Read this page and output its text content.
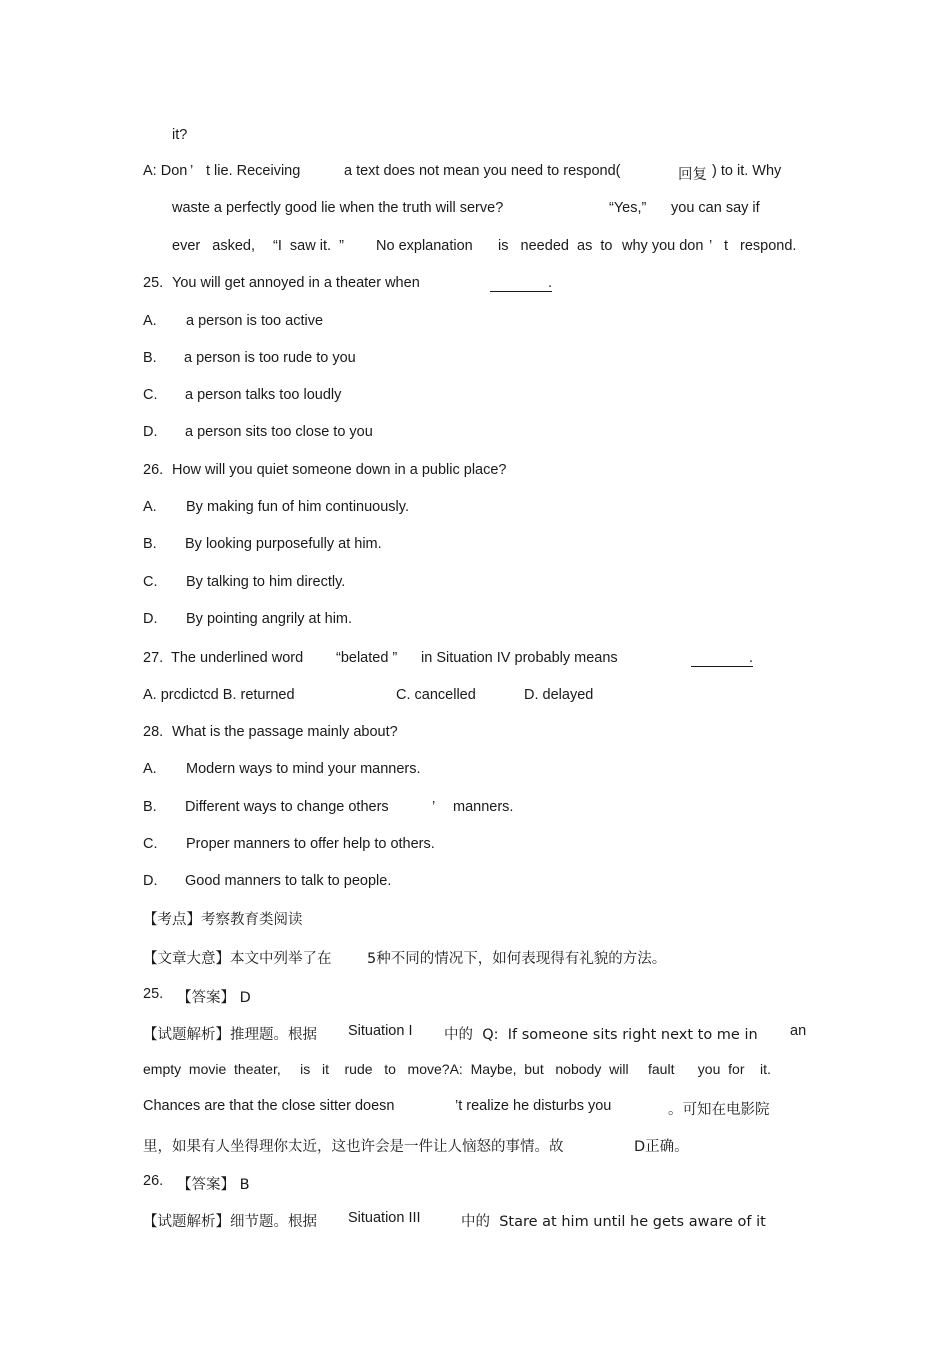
it?
A: Don ’ t lie. Receiving	a text does not mean you need to respond(	回复 ) to it. Why
waste a perfectly good lie when the truth will serve?	“Yes,” you can say if
ever   asked, “I  saw it.  ” No explanation is   needed  as  to why you don ’ t respond.
25. You will get annoyed in a theater when	.
A. a person is too active
B. a person is too rude to you
C. a person talks too loudly
D. a person sits too close to you
26. How will you quiet someone down in a public place?
A. By making fun of him continuously.
B. By looking purposefully at him.
C. By talking to him directly.
D. By pointing angrily at him.
27. The underlined word “belated ” in Situation IV probably means	.
A. prcdictcd B. returned	C. cancelled	D. delayed
28. What is the passage mainly about?
A. Modern ways to mind your manners.
B. Different ways to change others	’ manners.
C. Proper manners to offer help to others.
D. Good manners to talk to people.
【考点】考察教育类阅读
【文章大意】本文中列举了在 5种不同的情况下，如何表现得有礼貌的方法。
25. 【答案】 D
【试题解析】推理题。根据 Situation I 中的  Q:  If someone sits right next to me in an
empty  movie  theater,     is   it    rude   to   move?A:  Maybe,  but   nobody  will     fault      you  for    it.
Chances are that the close sitter doesn	’t realize he disturbs you	。可知在电影院
里，如果有人坐得理你太近，这也许会是一件让人恼怒的事情。故	D正确。
26. 【答案】 B
【试题解析】细节题。根据 Situation III	中的  Stare at him until he gets aware of it
